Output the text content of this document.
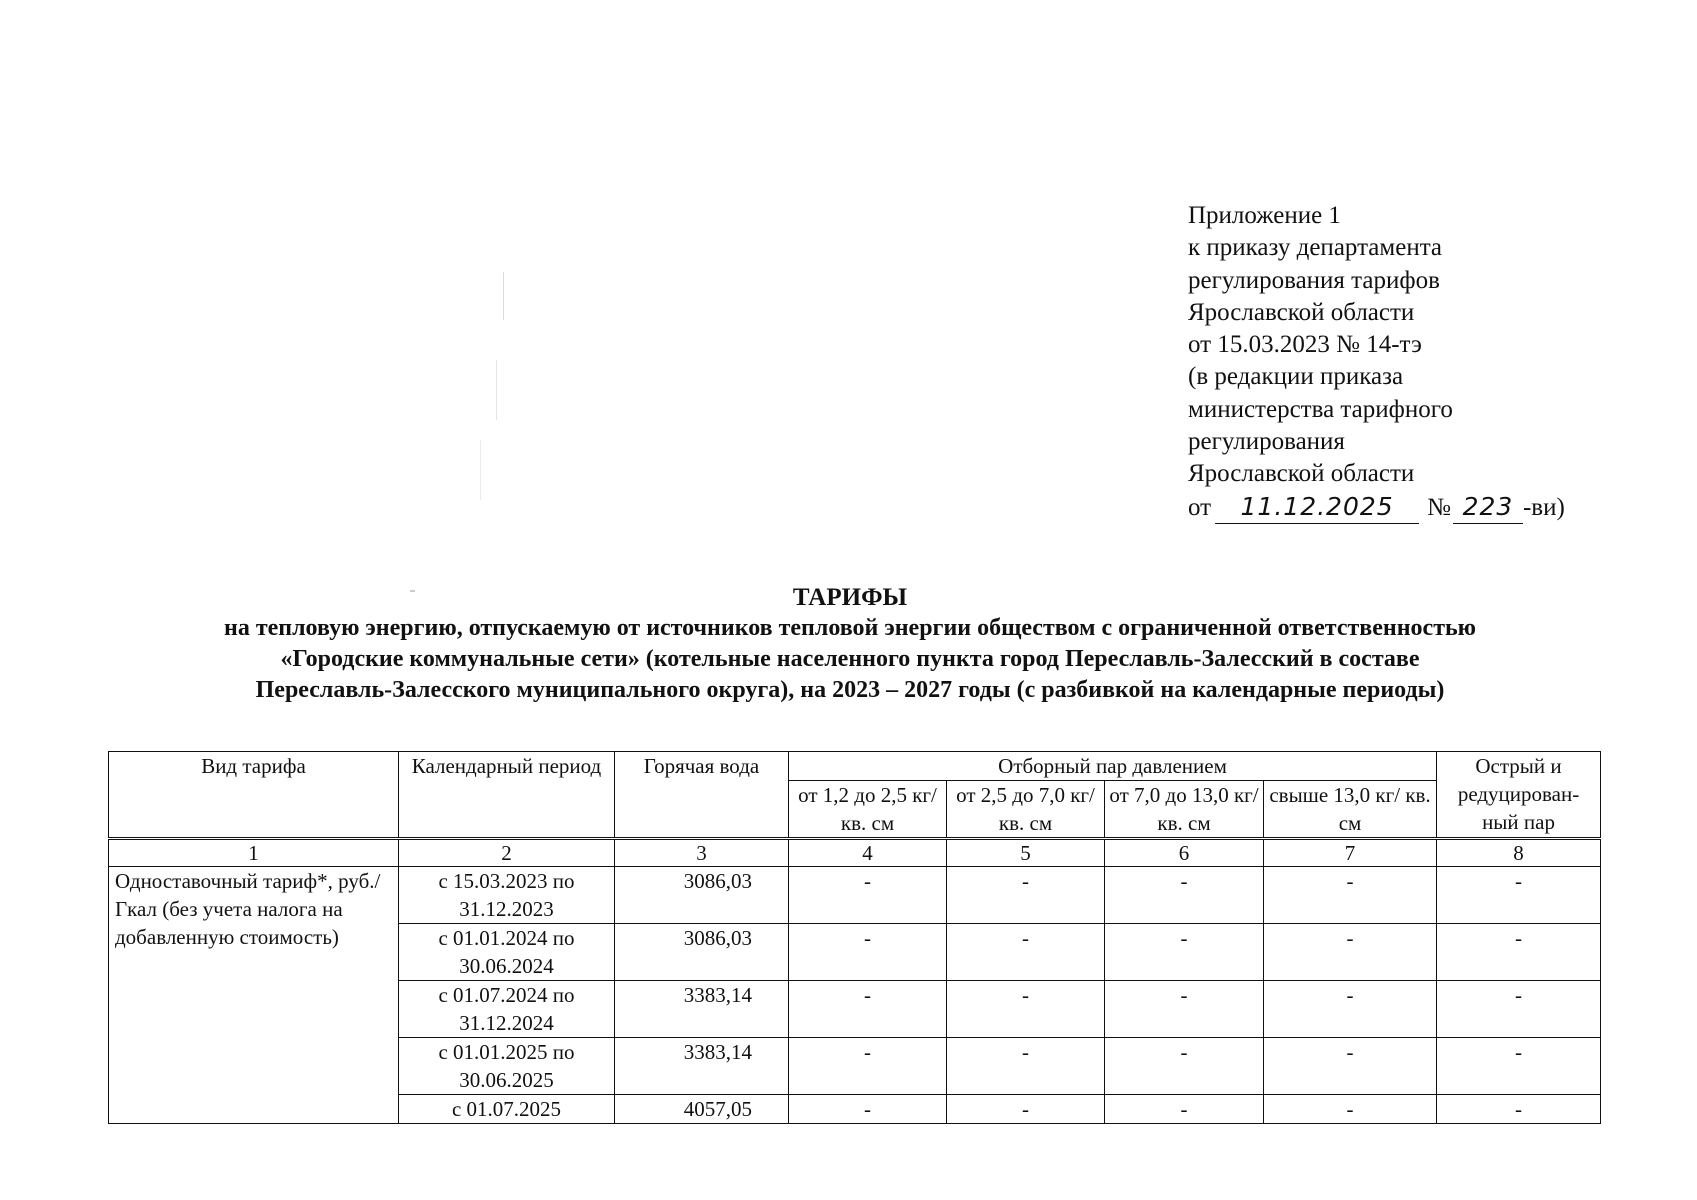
Приложение 1
к приказу департамента
регулирования тарифов
Ярославской области
от 15.03.2023 № 14-тэ
(в редакции приказа
министерства тарифного
регулирования
Ярославской области
от	11.12.2025	№ 223 -ви)
ТАРИФЫ
на тепловую энергию, отпускаемую от источников тепловой энергии обществом с ограниченной ответственностью
«Городские коммунальные сети» (котельные населенного пункта город Переславль-Залесский в составе
Переславль-Залесского муниципального округа), на 2023 – 2027 годы (с разбивкой на календарные периоды)
Вид тарифа	Календарный период	Горячая вода	Отборный пар давлением				Острый и редуцирован-ный пар
			от 1,2 до 2,5 кг/ кв. см	от 2,5 до 7,0 кг/ кв. см	от 7,0 до 13,0 кг/ кв. см	свыше 13,0 кг/ кв. см	
1	2	3	4	5	6	7	8
Одноставочный тариф*, руб./Гкал (без учета налога на добавленную стоимость)	с 15.03.2023 по 31.12.2023	3086,03	-	-	-	-	-
	с 01.01.2024 по 30.06.2024	3086,03	-	-	-	-	-
	с 01.07.2024 по 31.12.2024	3383,14	-	-	-	-	-
	с 01.01.2025 по 30.06.2025	3383,14	-	-	-	-	-
	с 01.07.2025	4057,05	-	-	-	-	-
